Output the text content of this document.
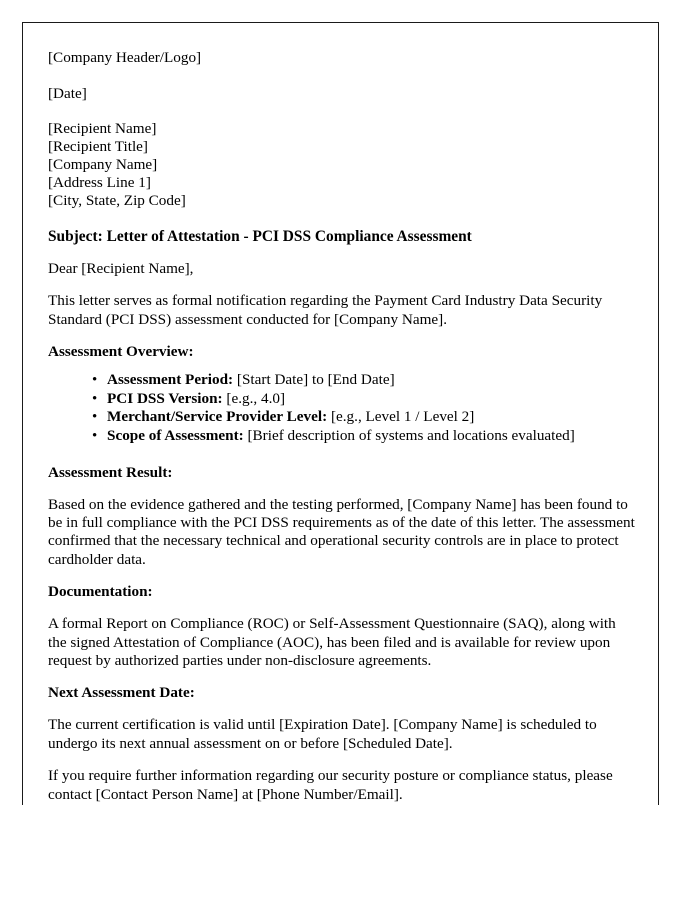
[Company Header/Logo]

[Date]

[Recipient Name]

[Recipient Title]

[Company Name]

[Address Line 1]

[City, State, Zip Code]

Subject: Letter of Attestation - PCI DSS Compliance Assessment

Dear [Recipient Name],

This letter serves as formal notification regarding the Payment Card Industry Data Security Standard (PCI DSS) assessment conducted for [Company Name].

Assessment Overview:

• Assessment Period: [Start Date] to [End Date]
• PCI DSS Version: [e.g., 4.0]
• Merchant/Service Provider Level: [e.g., Level 1 / Level 2]
• Scope of Assessment: [Brief description of systems and locations evaluated]

Assessment Result:

Based on the evidence gathered and the testing performed, [Company Name] has been found to be in full compliance with the PCI DSS requirements as of the date of this letter. The assessment confirmed that the necessary technical and operational security controls are in place to protect cardholder data.

Documentation:

A formal Report on Compliance (ROC) or Self-Assessment Questionnaire (SAQ), along with the signed Attestation of Compliance (AOC), has been filed and is available for review upon request by authorized parties under non-disclosure agreements.

Next Assessment Date:

The current certification is valid until [Expiration Date]. [Company Name] is scheduled to undergo its next annual assessment on or before [Scheduled Date].

If you require further information regarding our security posture or compliance status, please contact [Contact Person Name] at [Phone Number/Email].
